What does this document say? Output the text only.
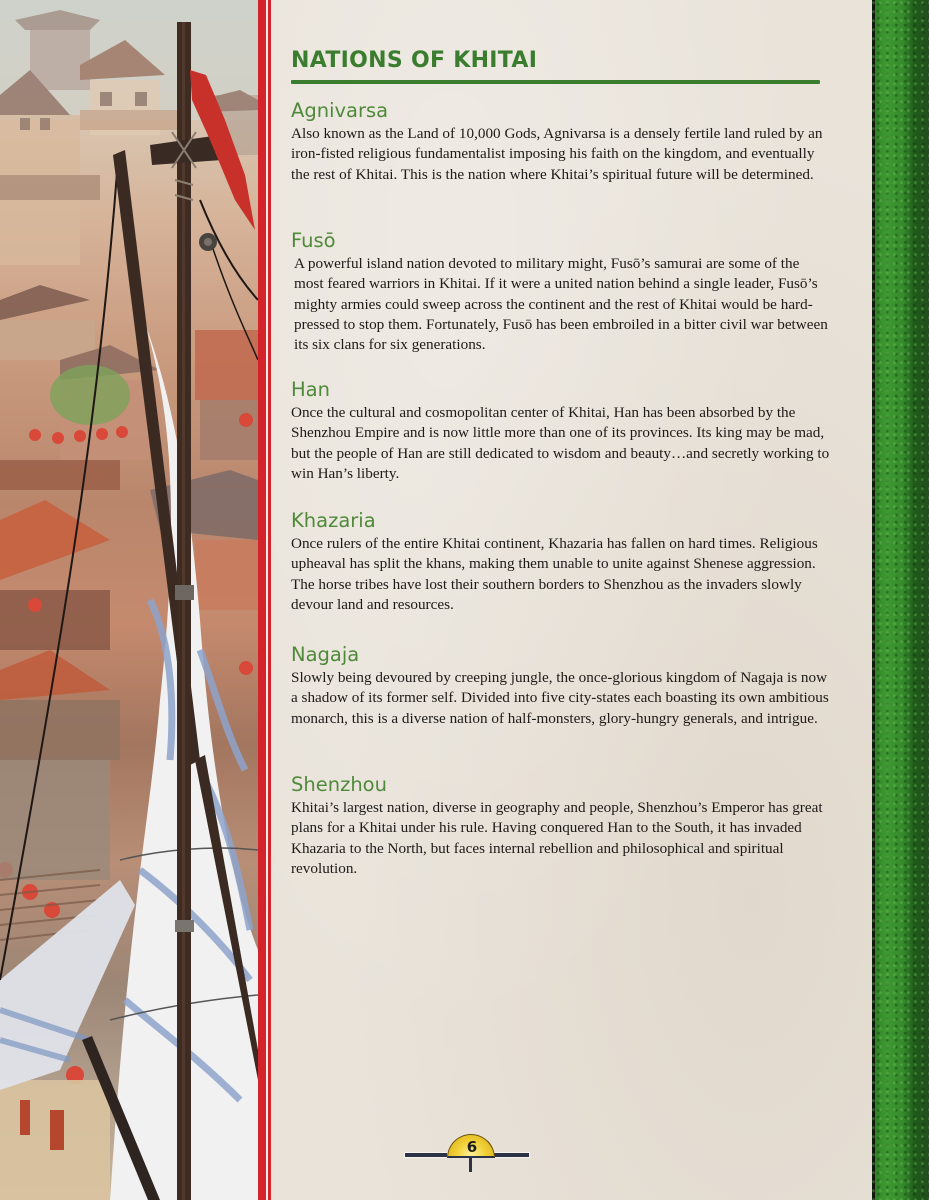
NATIONS OF KHITAI
Agnivarsa

Also known as the Land of 10,000 Gods, Agnivarsa is a densely fertile land ruled by an iron-fisted religious fundamentalist imposing his faith on the kingdom, and eventually the rest of Khitai. This is the nation where Khitai’s spiritual future will be determined.

Fusō

A powerful island nation devoted to military might, Fusō’s samurai are some of the most feared warriors in Khitai. If it were a united nation behind a single leader, Fusō’s mighty armies could sweep across the continent and the rest of Khitai would be hard-pressed to stop them. Fortunately, Fusō has been embroiled in a bitter civil war between its six clans for six generations.

Han

Once the cultural and cosmopolitan center of Khitai, Han has been absorbed by the Shenzhou Empire and is now little more than one of its provinces. Its king may be mad, but the people of Han are still dedicated to wisdom and beauty…and secretly working to win Han’s liberty.

Khazaria

Once rulers of the entire Khitai continent, Khazaria has fallen on hard times. Religious upheaval has split the khans, making them unable to unite against Shenese aggression. The horse tribes have lost their southern borders to Shenzhou as the invaders slowly devour land and resources.

Nagaja

Slowly being devoured by creeping jungle, the once-glorious kingdom of Nagaja is now a shadow of its former self. Divided into five city-states each boasting its own ambitious monarch, this is a diverse nation of half-monsters, glory-hungry generals, and intrigue.

Shenzhou

Khitai’s largest nation, diverse in geography and people, Shenzhou’s Emperor has great plans for a Khitai under his rule. Having conquered Han to the South, it has invaded Khazaria to the North, but faces internal rebellion and philosophical and spiritual revolution.

6
